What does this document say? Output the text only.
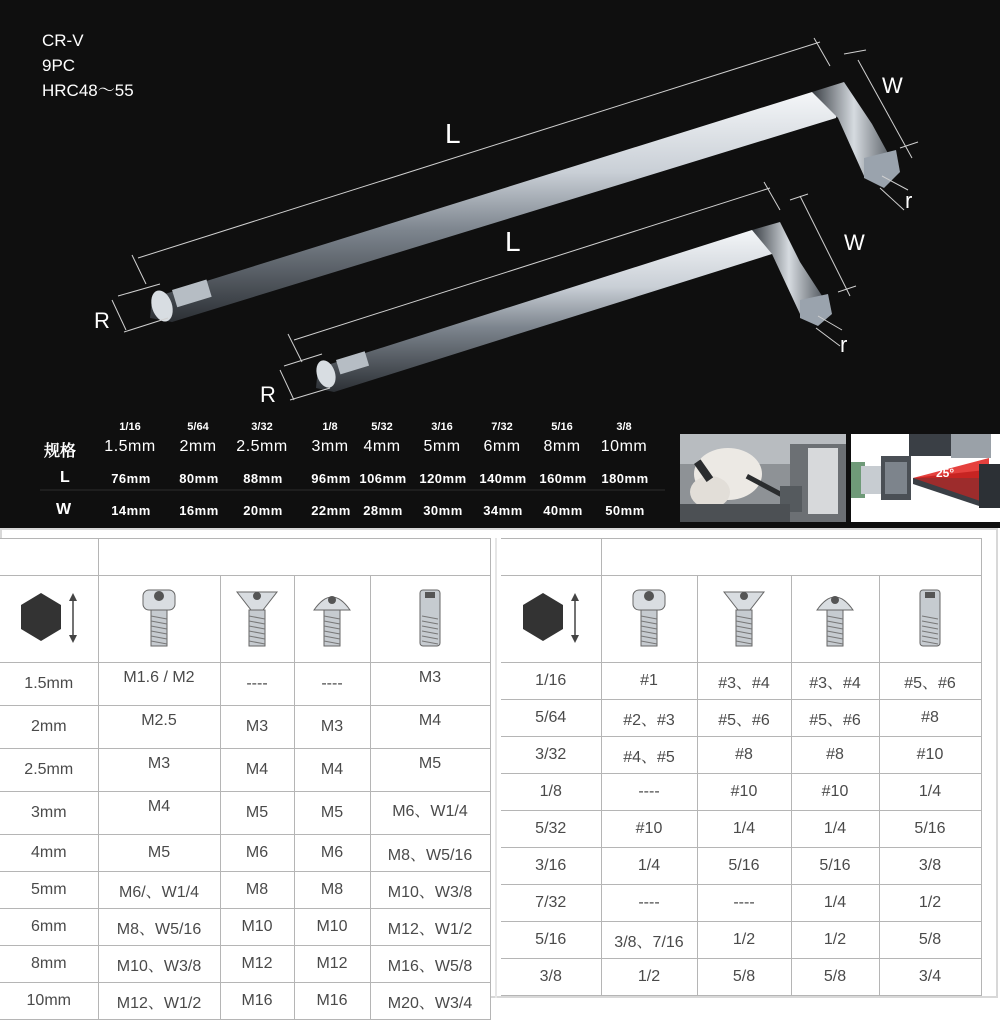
CR-V
9PC
HRC48～55
L
W
r
R
L	W
r
R
规格
L
W
1/16	5/64	3/32	1/8	5/32	3/16	7/32	5/16	3/8
1.5mm	2mm	2.5mm	3mm 4mm	5mm	6mm	8mm	10mm
76mm	80mm	88mm	96mm 106mm 120mm 140mm 160mm	180mm
14mm	16mm	20mm	22mm 28mm	30mm	34mm	40mm	50mm
25°

1.5mm	M1.6 / M2	----	----	M3
2mm	M2.5	M3	M3	M4
2.5mm	M3	M4	M4	M5
3mm	M4	M5	M5	M6、W1/4
4mm	M5	M6	M6	M8、W5/16
5mm	M6/、W1/4	M8	M8	M10、W3/8
6mm	M8、W5/16	M10	M10	M12、W1/2
8mm	M10、W3/8	M12	M12	M16、W5/8
10mm	M12、W1/2	M16	M16	M20、W3/4

1/16	#1	#3、#4	#3、#4	#5、#6
5/64	#2、#3	#5、#6	#5、#6	#8
3/32	#4、#5	#8	#8	#10
1/8	----	#10	#10	1/4
5/32	#10	1/4	1/4	5/16
3/16	1/4	5/16	5/16	3/8
7/32	----	----	1/4	1/2
5/16	3/8、7/16	1/2	1/2	5/8
3/8	1/2	5/8	5/8	3/4
